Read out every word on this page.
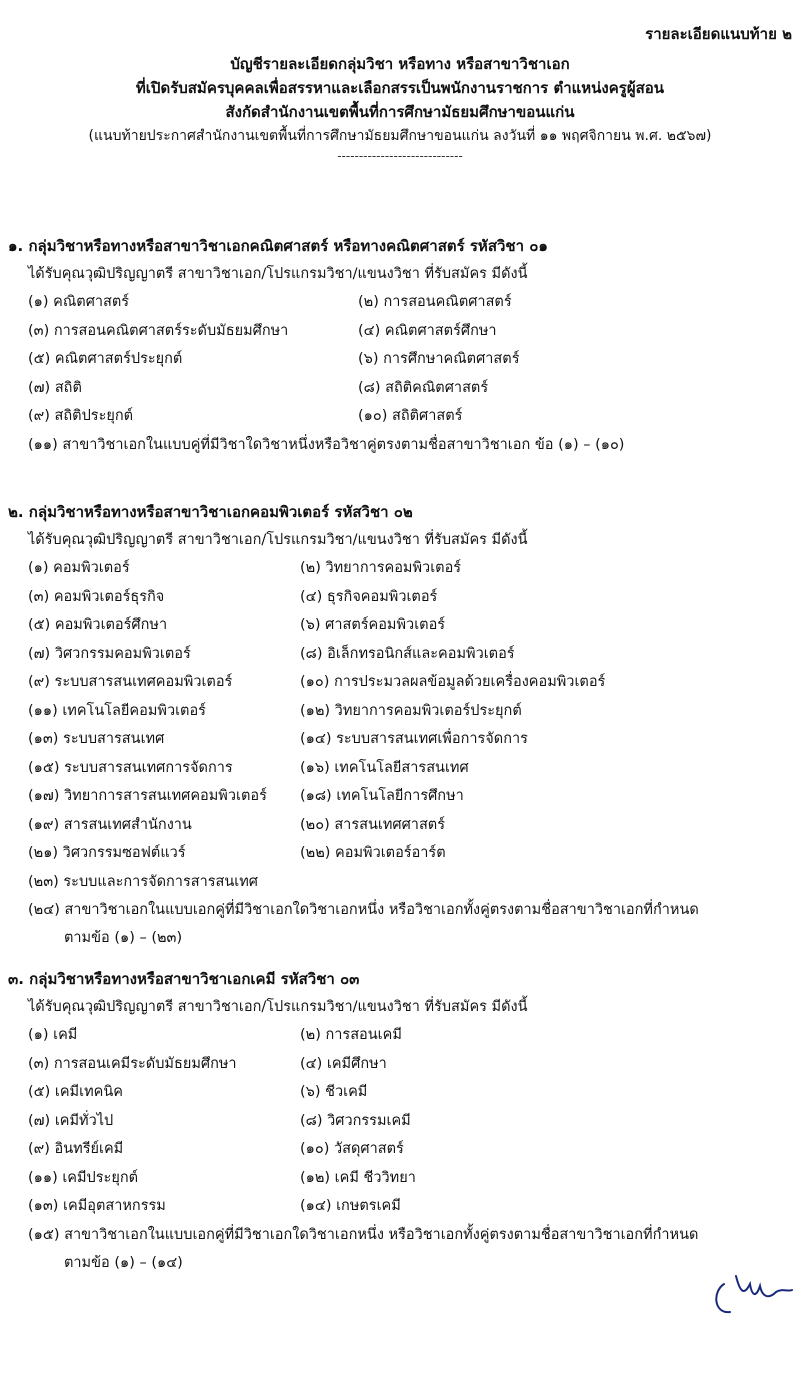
รายละเอียดแนบท้าย ๒
บัญชีรายละเอียดกลุ่มวิชา หรือทาง หรือสาขาวิชาเอก
ที่เปิดรับสมัครบุคคลเพื่อสรรหาและเลือกสรรเป็นพนักงานราชการ ตำแหน่งครูผู้สอน
สังกัดสำนักงานเขตพื้นที่การศึกษามัธยมศึกษาขอนแก่น
(แนบท้ายประกาศสำนักงานเขตพื้นที่การศึกษามัธยมศึกษาขอนแก่น ลงวันที่ ๑๑ พฤศจิกายน พ.ศ. ๒๕๖๗)
-----------------------------
๑. กลุ่มวิชาหรือทางหรือสาขาวิชาเอกคณิตศาสตร์ หรือทางคณิตศาสตร์ รหัสวิชา ๐๑
ได้รับคุณวุฒิปริญญาตรี สาขาวิชาเอก/โปรแกรมวิชา/แขนงวิชา ที่รับสมัคร มีดังนี้
(๑) คณิตศาสตร์	(๒) การสอนคณิตศาสตร์
(๓) การสอนคณิตศาสตร์ระดับมัธยมศึกษา	(๔) คณิตศาสตร์ศึกษา
(๕) คณิตศาสตร์ประยุกต์	(๖) การศึกษาคณิตศาสตร์
(๗) สถิติ	(๘) สถิติคณิตศาสตร์
(๙) สถิติประยุกต์	(๑๐) สถิติศาสตร์
(๑๑) สาขาวิชาเอกในแบบคู่ที่มีวิชาใดวิชาหนึ่งหรือวิชาคู่ตรงตามชื่อสาขาวิชาเอก ข้อ (๑) – (๑๐)
๒. กลุ่มวิชาหรือทางหรือสาขาวิชาเอกคอมพิวเตอร์ รหัสวิชา ๐๒
ได้รับคุณวุฒิปริญญาตรี สาขาวิชาเอก/โปรแกรมวิชา/แขนงวิชา ที่รับสมัคร มีดังนี้
(๑) คอมพิวเตอร์	(๒) วิทยาการคอมพิวเตอร์
(๓) คอมพิวเตอร์ธุรกิจ	(๔) ธุรกิจคอมพิวเตอร์
(๕) คอมพิวเตอร์ศึกษา	(๖) ศาสตร์คอมพิวเตอร์
(๗) วิศวกรรมคอมพิวเตอร์	(๘) อิเล็กทรอนิกส์และคอมพิวเตอร์
(๙) ระบบสารสนเทศคอมพิวเตอร์	(๑๐) การประมวลผลข้อมูลด้วยเครื่องคอมพิวเตอร์
(๑๑) เทคโนโลยีคอมพิวเตอร์	(๑๒) วิทยาการคอมพิวเตอร์ประยุกต์
(๑๓) ระบบสารสนเทศ	(๑๔) ระบบสารสนเทศเพื่อการจัดการ
(๑๕) ระบบสารสนเทศการจัดการ	(๑๖) เทคโนโลยีสารสนเทศ
(๑๗) วิทยาการสารสนเทศคอมพิวเตอร์	(๑๘) เทคโนโลยีการศึกษา
(๑๙) สารสนเทศสำนักงาน	(๒๐) สารสนเทศศาสตร์
(๒๑) วิศวกรรมซอฟต์แวร์	(๒๒) คอมพิวเตอร์อาร์ต
(๒๓) ระบบและการจัดการสารสนเทศ
(๒๔) สาขาวิชาเอกในแบบเอกคู่ที่มีวิชาเอกใดวิชาเอกหนึ่ง หรือวิชาเอกทั้งคู่ตรงตามชื่อสาขาวิชาเอกที่กำหนด
ตามข้อ (๑) – (๒๓)
๓. กลุ่มวิชาหรือทางหรือสาขาวิชาเอกเคมี รหัสวิชา ๐๓
ได้รับคุณวุฒิปริญญาตรี สาขาวิชาเอก/โปรแกรมวิชา/แขนงวิชา ที่รับสมัคร มีดังนี้
(๑) เคมี	(๒) การสอนเคมี
(๓) การสอนเคมีระดับมัธยมศึกษา	(๔) เคมีศึกษา
(๕) เคมีเทคนิค	(๖) ชีวเคมี
(๗) เคมีทั่วไป	(๘) วิศวกรรมเคมี
(๙) อินทรีย์เคมี	(๑๐) วัสดุศาสตร์
(๑๑) เคมีประยุกต์	(๑๒) เคมี ชีววิทยา
(๑๓) เคมีอุตสาหกรรม	(๑๔) เกษตรเคมี
(๑๕) สาขาวิชาเอกในแบบเอกคู่ที่มีวิชาเอกใดวิชาเอกหนึ่ง หรือวิชาเอกทั้งคู่ตรงตามชื่อสาขาวิชาเอกที่กำหนด
ตามข้อ (๑) – (๑๔)
